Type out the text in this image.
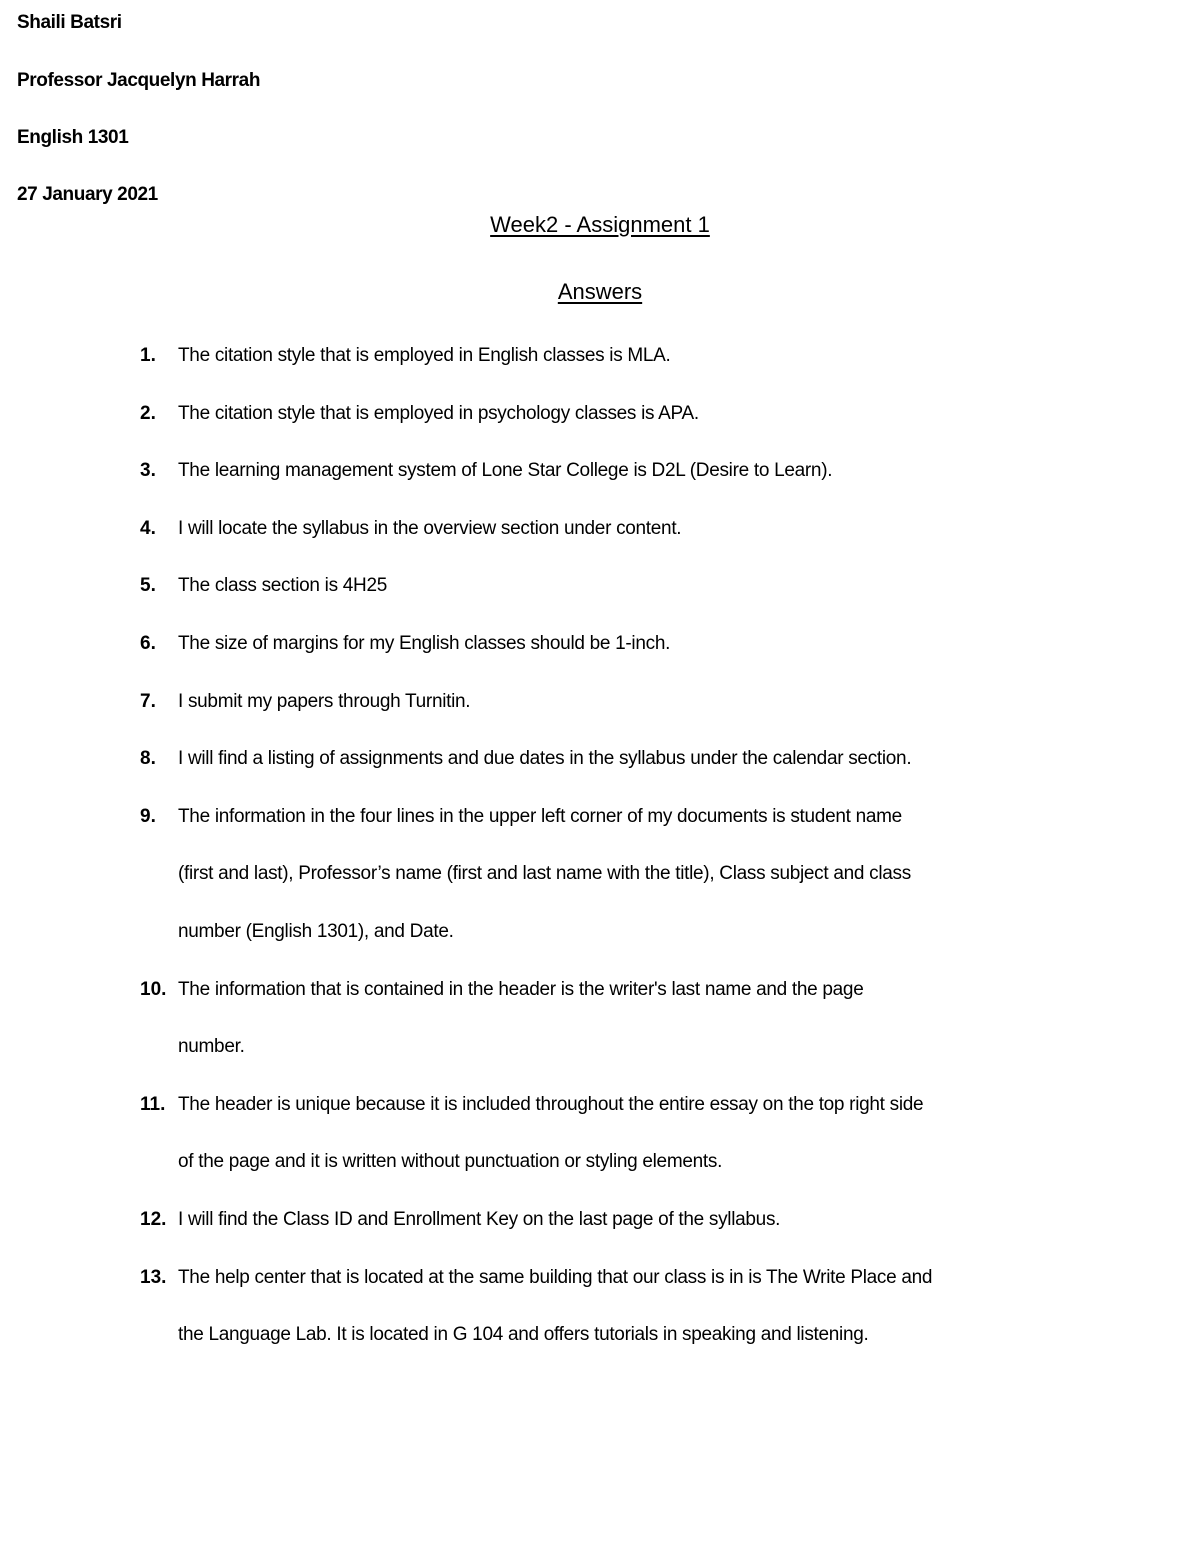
Shaili Batsri
Professor Jacquelyn Harrah
English 1301
27 January 2021
Week2 - Assignment 1
Answers
1. The citation style that is employed in English classes is MLA.
2. The citation style that is employed in psychology classes is APA.
3. The learning management system of Lone Star College is D2L (Desire to Learn).
4. I will locate the syllabus in the overview section under content.
5. The class section is 4H25
6. The size of margins for my English classes should be 1-inch.
7. I submit my papers through Turnitin.
8. I will find a listing of assignments and due dates in the syllabus under the calendar section.
9. The information in the four lines in the upper left corner of my documents is student name
(first and last), Professor’s name (first and last name with the title), Class subject and class
number (English 1301), and Date.
10. The information that is contained in the header is the writer's last name and the page
number.
11. The header is unique because it is included throughout the entire essay on the top right side
of the page and it is written without punctuation or styling elements.
12. I will find the Class ID and Enrollment Key on the last page of the syllabus.
13. The help center that is located at the same building that our class is in is The Write Place and
the Language Lab. It is located in G 104 and offers tutorials in speaking and listening.
